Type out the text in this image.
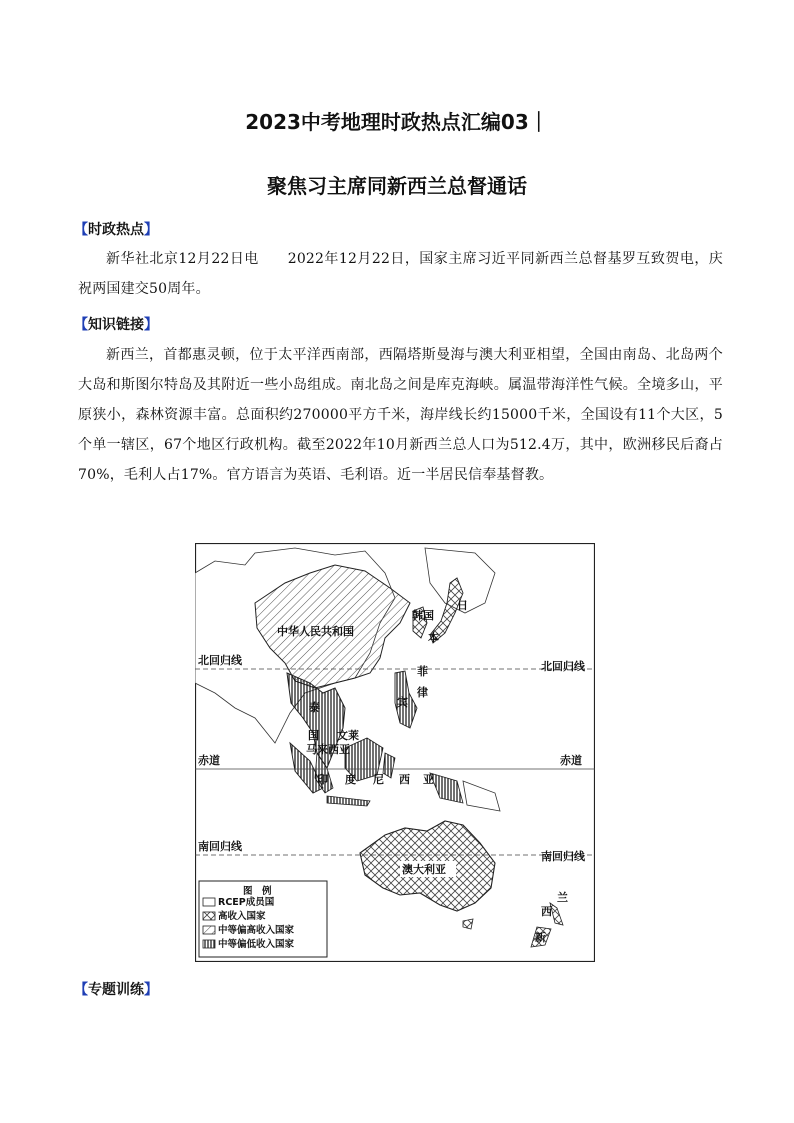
2023中考地理时政热点汇编03｜
聚焦习主席同新西兰总督通话
【时政热点】
新华社北京12月22日电　　2022年12月22日，国家主席习近平同新西兰总督基罗互致贺电，庆祝两国建交50周年。
【知识链接】
新西兰，首都惠灵顿，位于太平洋西南部，西隔塔斯曼海与澳大利亚相望，全国由南岛、北岛两个大岛和斯图尔特岛及其附近一些小岛组成。南北岛之间是库克海峡。属温带海洋性气候。全境多山，平原狭小，森林资源丰富。总面积约270000平方千米，海岸线长约15000千米，全国设有11个大区，5个单一辖区，67个地区行政机构。截至2022年10月新西兰总人口为512.4万，其中，欧洲移民后裔占70%，毛利人占17%。官方语言为英语、毛利语。近一半居民信奉基督教。
北回归线	北回归线
赤道	赤道
南回归线
南回归线
中华人民共和国
韩国
日
本
泰
国
菲
律
宾
文莱
马来西亚
印 度 尼 西 亚
澳大利亚
新
西
兰
图　例
RCEP成员国
高收入国家
中等偏高收入国家
中等偏低收入国家
【专题训练】
